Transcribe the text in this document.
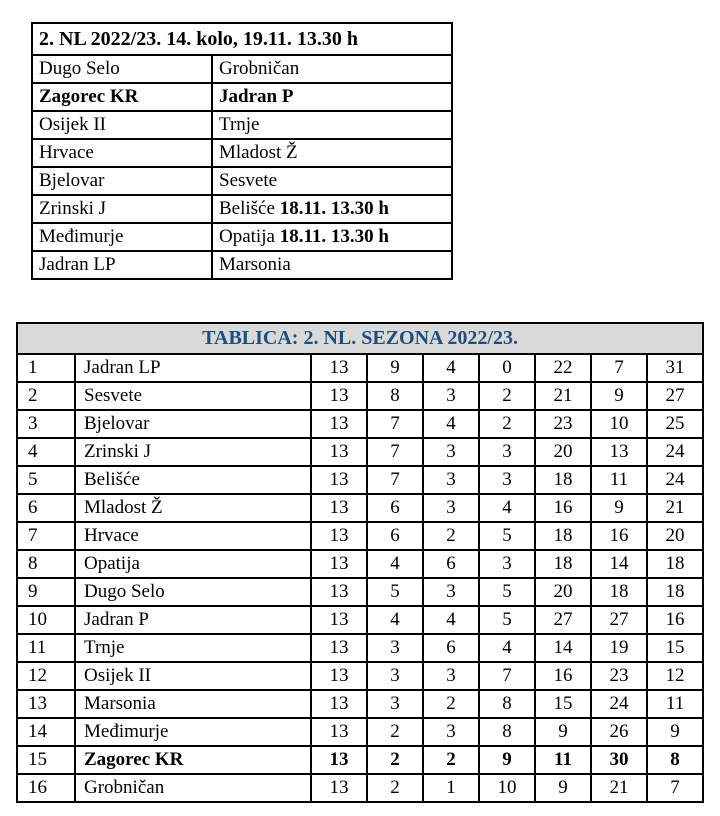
2. NL 2022/23. 14. kolo, 19.11. 13.30 h	
Dugo Selo	Grobničan
Zagorec KR	Jadran P
Osijek II	Trnje
Hrvace	Mladost Ž
Bjelovar	Sesvete
Zrinski J	Belišće 18.11. 13.30 h
Međimurje	Opatija 18.11. 13.30 h
Jadran LP	Marsonia
TABLICA: 2. NL. SEZONA 2022/23.								
1	Jadran LP	13	9	4	0	22	7	31
2	Sesvete	13	8	3	2	21	9	27
3	Bjelovar	13	7	4	2	23	10	25
4	Zrinski J	13	7	3	3	20	13	24
5	Belišće	13	7	3	3	18	11	24
6	Mladost Ž	13	6	3	4	16	9	21
7	Hrvace	13	6	2	5	18	16	20
8	Opatija	13	4	6	3	18	14	18
9	Dugo Selo	13	5	3	5	20	18	18
10	Jadran P	13	4	4	5	27	27	16
11	Trnje	13	3	6	4	14	19	15
12	Osijek II	13	3	3	7	16	23	12
13	Marsonia	13	3	2	8	15	24	11
14	Međimurje	13	2	3	8	9	26	9
15	Zagorec KR	13	2	2	9	11	30	8
16	Grobničan	13	2	1	10	9	21	7
